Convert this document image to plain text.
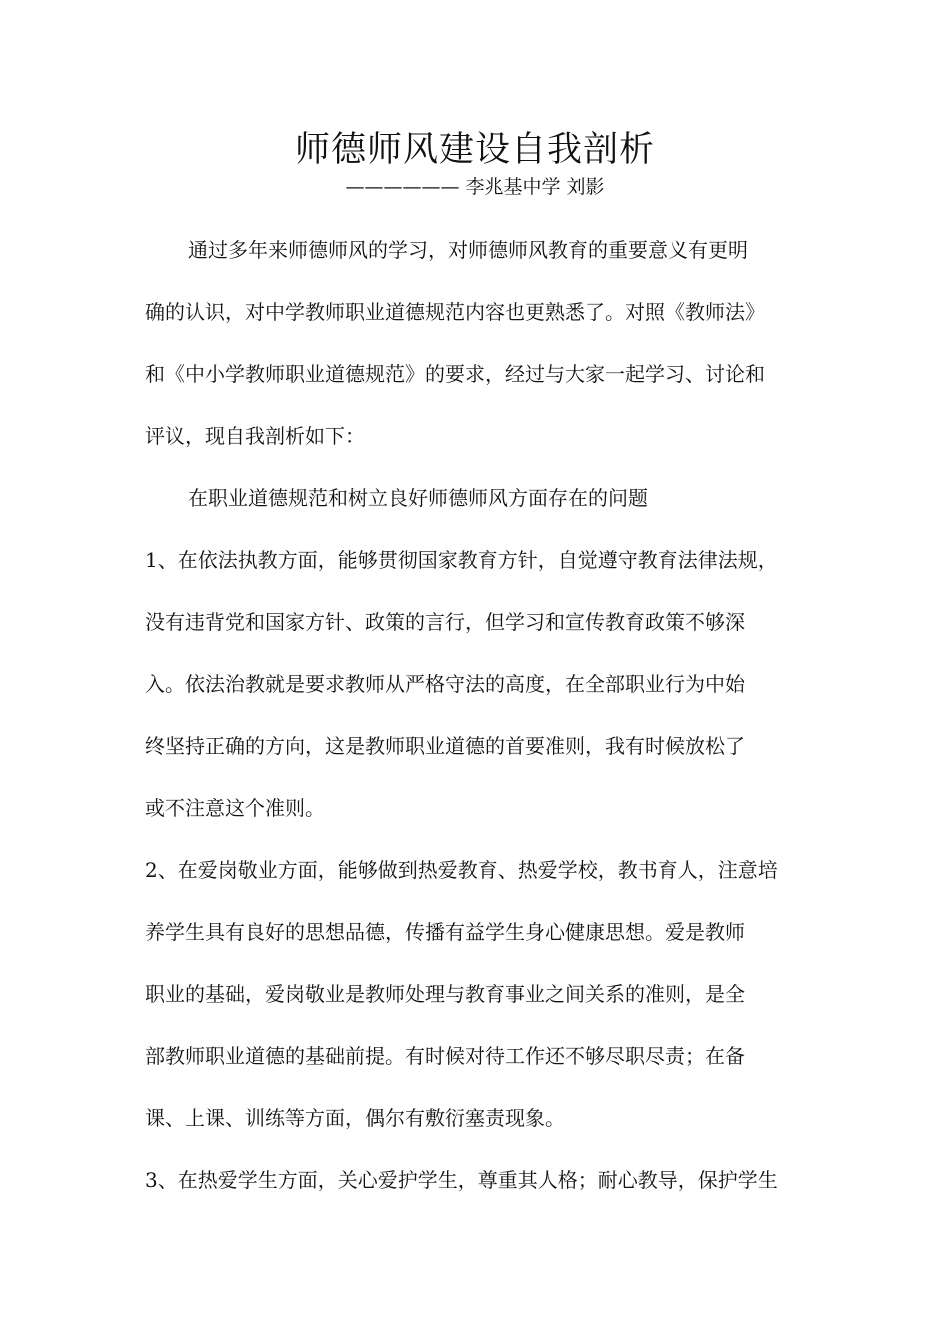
师德师风建设自我剖析
—————— 李兆基中学 刘影
通过多年来师德师风的学习，对师德师风教育的重要意义有更明
确的认识，对中学教师职业道德规范内容也更熟悉了。对照《教师法》
和《中小学教师职业道德规范》的要求，经过与大家一起学习、讨论和
评议，现自我剖析如下：
在职业道德规范和树立良好师德师风方面存在的问题
1、在依法执教方面，能够贯彻国家教育方针，自觉遵守教育法律法规，
没有违背党和国家方针、政策的言行，但学习和宣传教育政策不够深
入。依法治教就是要求教师从严格守法的高度，在全部职业行为中始
终坚持正确的方向，这是教师职业道德的首要准则，我有时候放松了
或不注意这个准则。
2、在爱岗敬业方面，能够做到热爱教育、热爱学校，教书育人，注意培
养学生具有良好的思想品德，传播有益学生身心健康思想。爱是教师
职业的基础，爱岗敬业是教师处理与教育事业之间关系的准则，是全
部教师职业道德的基础前提。有时候对待工作还不够尽职尽责；在备
课、上课、训练等方面，偶尔有敷衍塞责现象。
3、在热爱学生方面，关心爱护学生，尊重其人格；耐心教导，保护学生
